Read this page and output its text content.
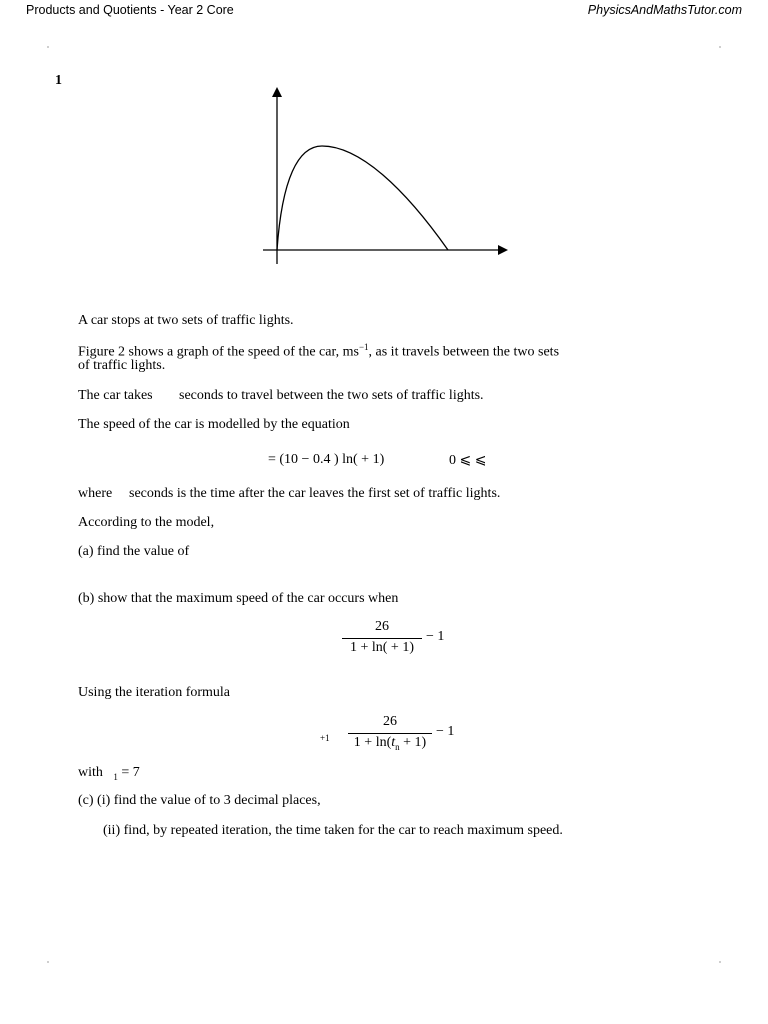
Products and Quotients - Year 2 Core	PhysicsAndMathsTutor.com
1
A car stops at two sets of traffic lights.
Figure 2 shows a graph of the speed of the car, $ms^{-1}$, as it travels between the two sets
of traffic lights.
The car takes seconds to travel between the two sets of traffic lights.
The speed of the car is modelled by the equation
= (10 − 0.4 ) ln( + 1)	0 ⩽ ⩽
where seconds is the time after the car leaves the first set of traffic lights.
According to the model,
(a) find the value of
(b) show that the maximum speed of the car occurs when
26
1 + ln( + 1)
− 1
Using the iteration formula
+1
26
$1 + \ln(t_n + 1)$
− 1
with $_1$ = 7
(c) (i) find the value of to 3 decimal places,
(ii) find, by repeated iteration, the time taken for the car to reach maximum speed.
